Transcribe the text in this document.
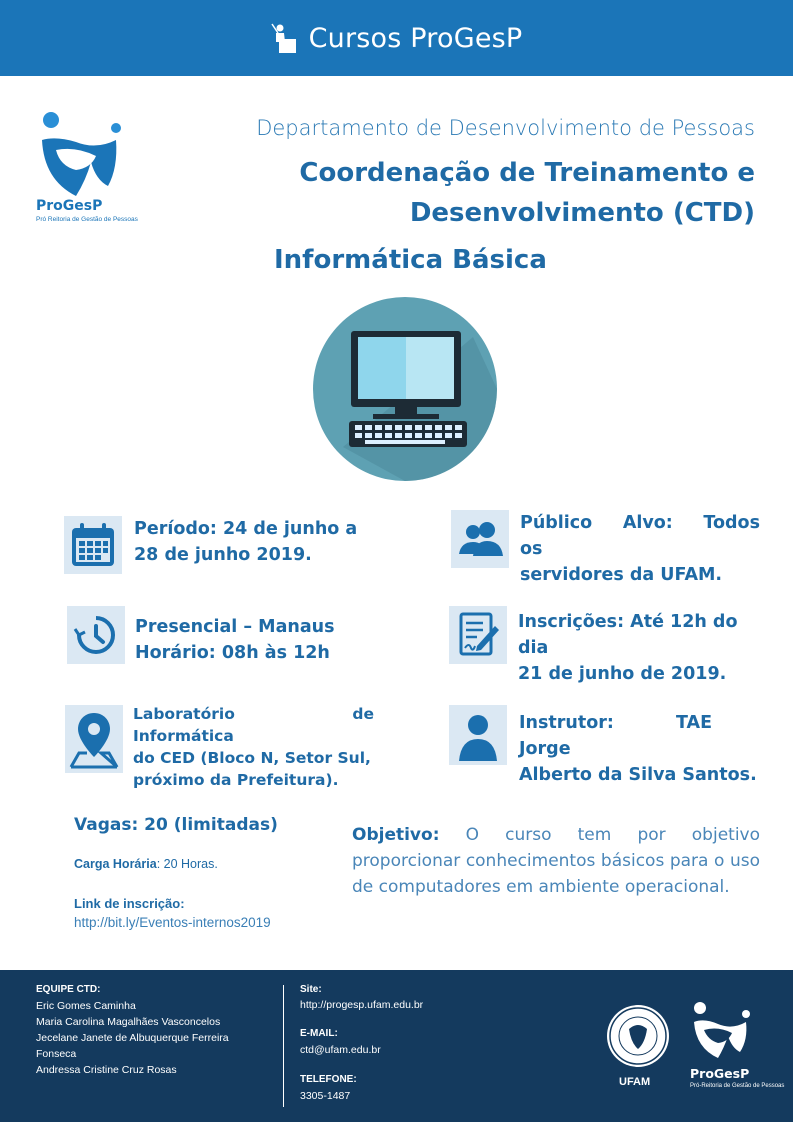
Cursos ProGesP
ProGesP
Pró Reitoria de Gestão de Pessoas
Departamento de Desenvolvimento de Pessoas
Coordenação de Treinamento e
Desenvolvimento (CTD)
Informática Básica
Período: 24 de junho a
28 de junho 2019.
Público Alvo: Todos os
servidores da UFAM.
Presencial – Manaus
Horário: 08h às 12h
Inscrições: Até 12h do dia
21 de junho de 2019.
Laboratório de Informática
do CED (Bloco N, Setor Sul,
próximo da Prefeitura).
Instrutor: TAE Jorge
Alberto da Silva Santos.
Vagas: 20 (limitadas)
Carga Horária: 20 Horas.
Link de inscrição:
http://bit.ly/Eventos-internos2019
Objetivo: O curso tem por objetivo proporcionar conhecimentos básicos para o uso de computadores em ambiente operacional.
EQUIPE CTD:
Eric Gomes Caminha
Maria Carolina Magalhães Vasconcelos
Jecelane Janete de Albuquerque Ferreira
Fonseca
Andressa Cristine Cruz Rosas
Site:
http://progesp.ufam.edu.br
E-MAIL:
ctd@ufam.edu.br
TELEFONE:
3305-1487
UFAM
ProGesP
Pró-Reitoria de Gestão de Pessoas
